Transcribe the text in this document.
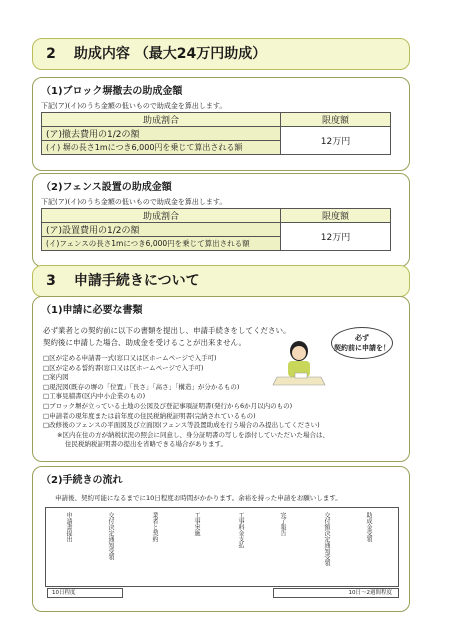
2 助成内容 （最大24万円助成）
（1)ブロック塀撤去の助成金額
下記(ア)(イ)のうち金額の低いもので助成金を算出します。
助成割合	限度額
(ア)撤去費用の1/2の額	12万円
(イ) 塀の長さ1mにつき6,000円を乗じて算出される額	
（2)フェンス設置の助成金額
下記(ア)(イ)のうち金額の低いもので助成金を算出します。
助成割合	限度額
(ア)設置費用の1/2の額	12万円
(イ)フェンスの長さ1mにつき6,000円を乗じて算出される額	
3 申請手続きについて
（1)申請に必要な書類
必ず業者との契約前に以下の書類を提出し、申請手続きをしてください。
契約後に申請した場合、助成金を受けることが出来ません。	必ず
契約前に申請を！
□区が定める申請書一式(窓口又は区ホームページで入手可)
□区が定める誓約書(窓口又は区ホームページで入手可)
□案内図
□現況図(既存の塀の「位置」「長さ」「高さ」「構造」が分かるもの)
□工事見積書(区内中小企業のもの)
□ブロック塀が立っている土地の公図及び登記事項証明書(発行から6か月以内のもの)
□申請者の現年度または前年度の住民税納税証明書(完納されているもの)
□改修後のフェンスの平面図及び立面図(フェンス等設置助成を行う場合のみ提出してください)
※区内在住の方が納税状況の照会に同意し、身分証明書の写しを添付していただいた場合は、
住民税納税証明書の提出を省略できる場合があります。
（2)手続きの流れ
申請後、契約可能になるまでに10日程度お時間がかかります。余裕を持った申請をお願いします。
申請書提出	交付決定通知受領	業者と契約	工事実施	工事料金支払	完了報告	交付額決定通知受領	助成金受領
10日程度	10日～2週間程度
